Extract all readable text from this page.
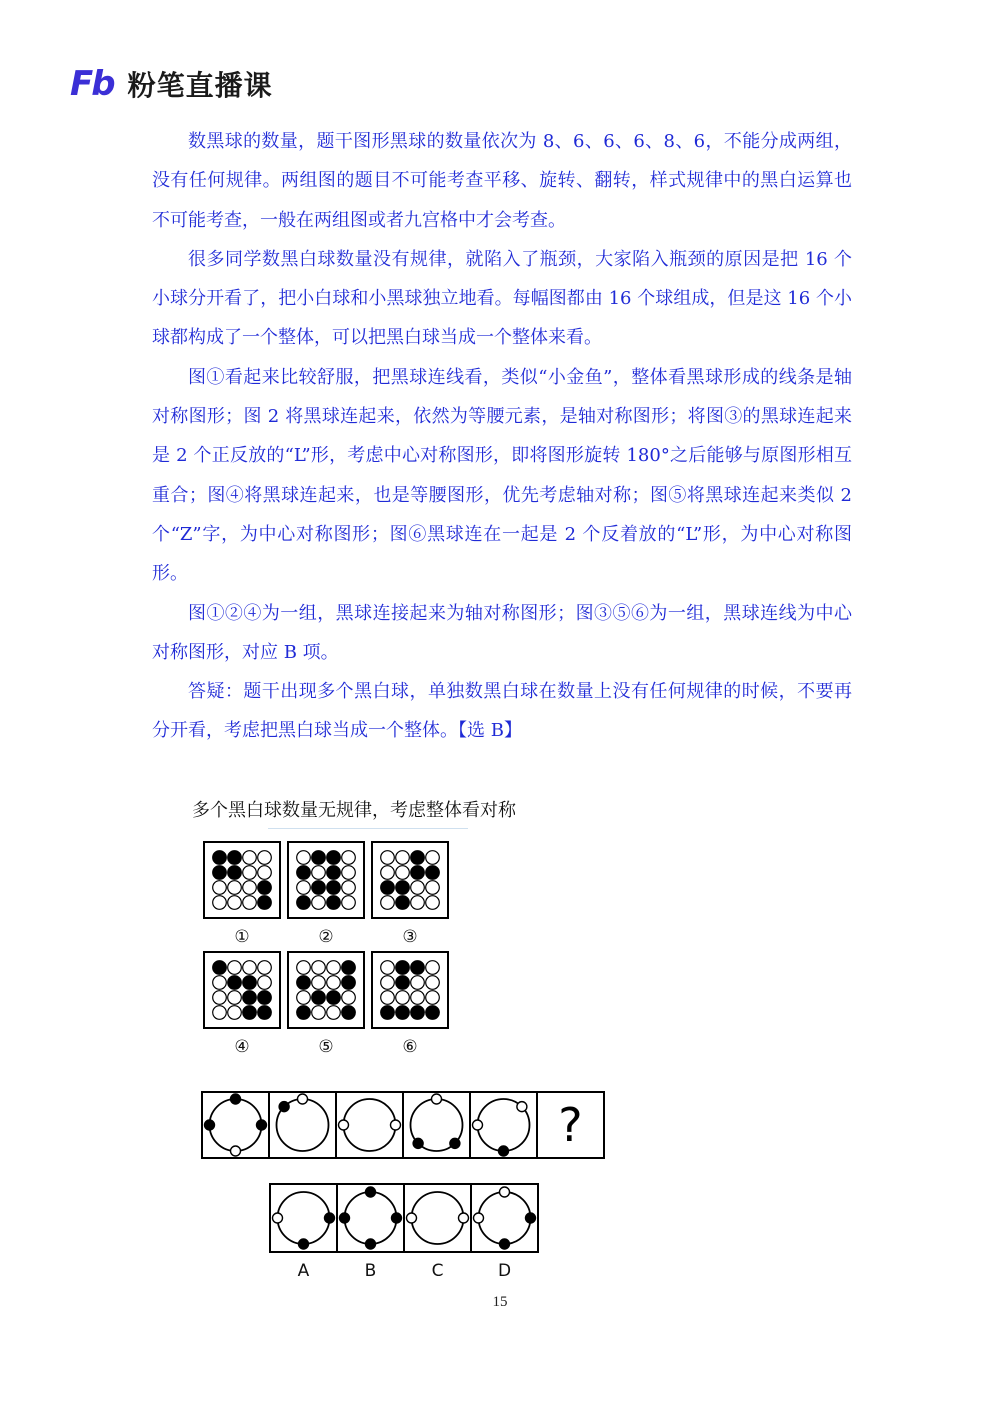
Fb 粉笔直播课

数黑球的数量，题干图形黑球的数量依次为 8、6、6、6、8、6，不能分成两组，没有任何规律。两组图的题目不可能考查平移、旋转、翻转，样式规律中的黑白运算也不可能考查，一般在两组图或者九宫格中才会考查。

很多同学数黑白球数量没有规律，就陷入了瓶颈，大家陷入瓶颈的原因是把 16 个小球分开看了，把小白球和小黑球独立地看。每幅图都由 16 个球组成，但是这 16 个小球都构成了一个整体，可以把黑白球当成一个整体来看。

图①看起来比较舒服，把黑球连线看，类似“小金鱼”，整体看黑球形成的线条是轴对称图形；图 2 将黑球连起来，依然为等腰元素，是轴对称图形；将图③的黑球连起来是 2 个正反放的“L”形，考虑中心对称图形，即将图形旋转 180°之后能够与原图形相互重合；图④将黑球连起来，也是等腰图形，优先考虑轴对称；图⑤将黑球连起来类似 2 个“Z”字，为中心对称图形；图⑥黑球连在一起是 2 个反着放的“L”形，为中心对称图形。

图①②④为一组，黑球连接起来为轴对称图形；图③⑤⑥为一组，黑球连线为中心对称图形，对应 B 项。

答疑：题干出现多个黑白球，单独数黑白球在数量上没有任何规律的时候，不要再分开看，考虑把黑白球当成一个整体。【选 B】

多个黑白球数量无规律，考虑整体看对称
①	②	③
④	⑤	⑥
?
A	B	C	D
15
